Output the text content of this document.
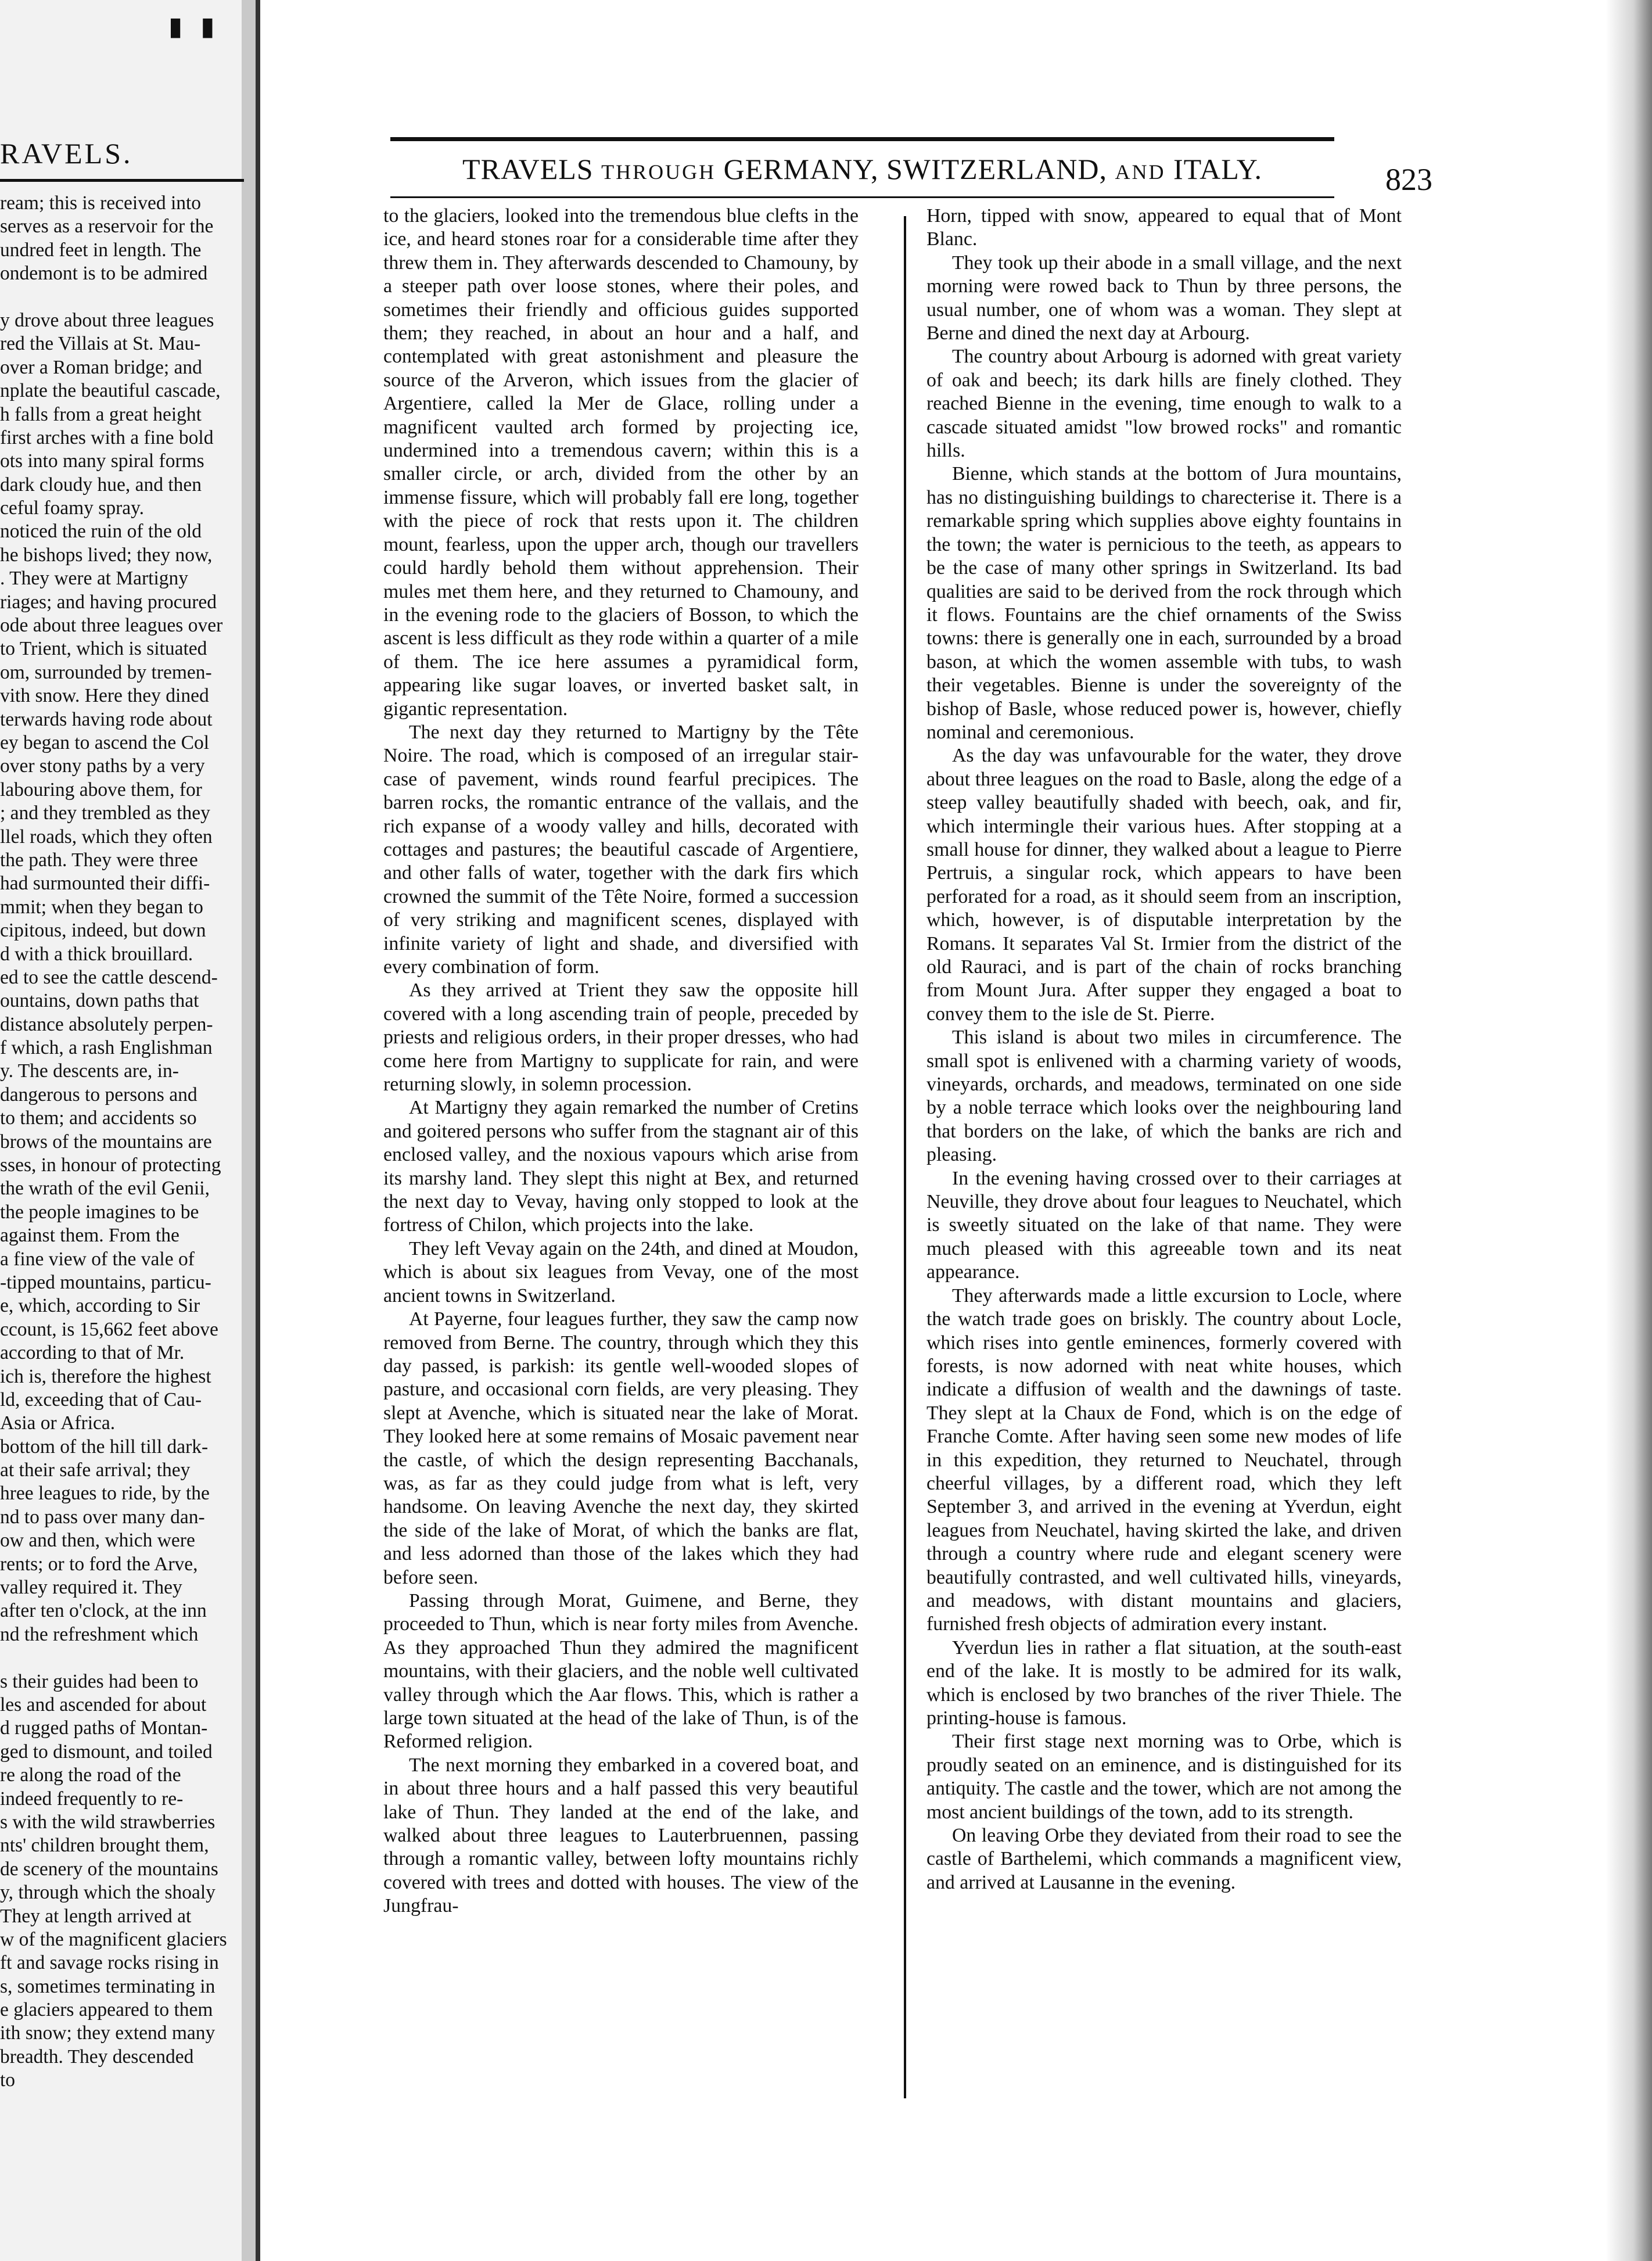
▮ ▮
RAVELS.
ream; this is received into
serves as a reservoir for the
undred feet in length. The
ondemont is to be admired

y drove about three leagues
red the Villais at St. Mau-
over a Roman bridge; and
nplate the beautiful cascade,
h falls from a great height
first arches with a fine bold
ots into many spiral forms
dark cloudy hue, and then
ceful foamy spray.
noticed the ruin of the old
he bishops lived; they now,
. They were at Martigny
riages; and having procured
ode about three leagues over
to Trient, which is situated
om, surrounded by tremen-
vith snow. Here they dined
terwards having rode about
ey began to ascend the Col
over stony paths by a very
labouring above them, for
; and they trembled as they
llel roads, which they often
the path. They were three
had surmounted their diffi-
mmit; when they began to
cipitous, indeed, but down
d with a thick brouillard.
ed to see the cattle descend-
ountains, down paths that
distance absolutely perpen-
f which, a rash Englishman
y. The descents are, in-
dangerous to persons and
to them; and accidents so
brows of the mountains are
sses, in honour of protecting
the wrath of the evil Genii,
the people imagines to be
against them. From the
a fine view of the vale of
-tipped mountains, particu-
e, which, according to Sir
ccount, is 15,662 feet above
according to that of Mr.
ich is, therefore the highest
ld, exceeding that of Cau-
Asia or Africa.
bottom of the hill till dark-
at their safe arrival; they
hree leagues to ride, by the
nd to pass over many dan-
ow and then, which were
rents; or to ford the Arve,
valley required it. They
after ten o'clock, at the inn
nd the refreshment which

s their guides had been to
les and ascended for about
d rugged paths of Montan-
ged to dismount, and toiled
re along the road of the
indeed frequently to re-
s with the wild strawberries
nts' children brought them,
de scenery of the mountains
y, through which the shoaly
They at length arrived at
w of the magnificent glaciers
ft and savage rocks rising in
s, sometimes terminating in
e glaciers appeared to them
ith snow; they extend many
breadth. They descended
to
TRAVELS THROUGH GERMANY, SWITZERLAND, AND ITALY.	823

to the glaciers, looked into the tremendous blue clefts in the ice, and heard stones roar for a considerable time after they threw them in. They afterwards descended to Chamouny, by a steeper path over loose stones, where their poles, and sometimes their friendly and officious guides supported them; they reached, in about an hour and a half, and contemplated with great astonishment and pleasure the source of the Arveron, which issues from the glacier of Argentiere, called la Mer de Glace, rolling under a magnificent vaulted arch formed by projecting ice, undermined into a tremendous cavern; within this is a smaller circle, or arch, divided from the other by an immense fissure, which will probably fall ere long, together with the piece of rock that rests upon it. The children mount, fearless, upon the upper arch, though our travellers could hardly behold them without apprehension. Their mules met them here, and they returned to Chamouny, and in the evening rode to the glaciers of Bosson, to which the ascent is less difficult as they rode within a quarter of a mile of them. The ice here assumes a pyramidical form, appearing like sugar loaves, or inverted basket salt, in gigantic representation.

The next day they returned to Martigny by the Tête Noire. The road, which is composed of an irregular stair-case of pavement, winds round fearful precipices. The barren rocks, the romantic entrance of the vallais, and the rich expanse of a woody valley and hills, decorated with cottages and pastures; the beautiful cascade of Argentiere, and other falls of water, together with the dark firs which crowned the summit of the Tête Noire, formed a succession of very striking and magnificent scenes, displayed with infinite variety of light and shade, and diversified with every combination of form.

As they arrived at Trient they saw the opposite hill covered with a long ascending train of people, preceded by priests and religious orders, in their proper dresses, who had come here from Martigny to supplicate for rain, and were returning slowly, in solemn procession.

At Martigny they again remarked the number of Cretins and goitered persons who suffer from the stagnant air of this enclosed valley, and the noxious vapours which arise from its marshy land. They slept this night at Bex, and returned the next day to Vevay, having only stopped to look at the fortress of Chilon, which projects into the lake.

They left Vevay again on the 24th, and dined at Moudon, which is about six leagues from Vevay, one of the most ancient towns in Switzerland.

At Payerne, four leagues further, they saw the camp now removed from Berne. The country, through which they this day passed, is parkish: its gentle well-wooded slopes of pasture, and occasional corn fields, are very pleasing. They slept at Avenche, which is situated near the lake of Morat. They looked here at some remains of Mosaic pavement near the castle, of which the design representing Bacchanals, was, as far as they could judge from what is left, very handsome. On leaving Avenche the next day, they skirted the side of the lake of Morat, of which the banks are flat, and less adorned than those of the lakes which they had before seen.

Passing through Morat, Guimene, and Berne, they proceeded to Thun, which is near forty miles from Avenche. As they approached Thun they admired the magnificent mountains, with their glaciers, and the noble well cultivated valley through which the Aar flows. This, which is rather a large town situated at the head of the lake of Thun, is of the Reformed religion.

The next morning they embarked in a covered boat, and in about three hours and a half passed this very beautiful lake of Thun. They landed at the end of the lake, and walked about three leagues to Lauterbruennen, passing through a romantic valley, between lofty mountains richly covered with trees and dotted with houses. The view of the Jungfrau-

Horn, tipped with snow, appeared to equal that of Mont Blanc.

They took up their abode in a small village, and the next morning were rowed back to Thun by three persons, the usual number, one of whom was a woman. They slept at Berne and dined the next day at Arbourg.

The country about Arbourg is adorned with great variety of oak and beech; its dark hills are finely clothed. They reached Bienne in the evening, time enough to walk to a cascade situated amidst "low browed rocks" and romantic hills.

Bienne, which stands at the bottom of Jura mountains, has no distinguishing buildings to charecterise it. There is a remarkable spring which supplies above eighty fountains in the town; the water is pernicious to the teeth, as appears to be the case of many other springs in Switzerland. Its bad qualities are said to be derived from the rock through which it flows. Fountains are the chief ornaments of the Swiss towns: there is generally one in each, surrounded by a broad bason, at which the women assemble with tubs, to wash their vegetables. Bienne is under the sovereignty of the bishop of Basle, whose reduced power is, however, chiefly nominal and ceremonious.

As the day was unfavourable for the water, they drove about three leagues on the road to Basle, along the edge of a steep valley beautifully shaded with beech, oak, and fir, which intermingle their various hues. After stopping at a small house for dinner, they walked about a league to Pierre Pertruis, a singular rock, which appears to have been perforated for a road, as it should seem from an inscription, which, however, is of disputable interpretation by the Romans. It separates Val St. Irmier from the district of the old Rauraci, and is part of the chain of rocks branching from Mount Jura. After supper they engaged a boat to convey them to the isle de St. Pierre.

This island is about two miles in circumference. The small spot is enlivened with a charming variety of woods, vineyards, orchards, and meadows, terminated on one side by a noble terrace which looks over the neighbouring land that borders on the lake, of which the banks are rich and pleasing.

In the evening having crossed over to their carriages at Neuville, they drove about four leagues to Neuchatel, which is sweetly situated on the lake of that name. They were much pleased with this agreeable town and its neat appearance.

They afterwards made a little excursion to Locle, where the watch trade goes on briskly. The country about Locle, which rises into gentle eminences, formerly covered with forests, is now adorned with neat white houses, which indicate a diffusion of wealth and the dawnings of taste. They slept at la Chaux de Fond, which is on the edge of Franche Comte. After having seen some new modes of life in this expedition, they returned to Neuchatel, through cheerful villages, by a different road, which they left September 3, and arrived in the evening at Yverdun, eight leagues from Neuchatel, having skirted the lake, and driven through a country where rude and elegant scenery were beautifully contrasted, and well cultivated hills, vineyards, and meadows, with distant mountains and glaciers, furnished fresh objects of admiration every instant.

Yverdun lies in rather a flat situation, at the south-east end of the lake. It is mostly to be admired for its walk, which is enclosed by two branches of the river Thiele. The printing-house is famous.

Their first stage next morning was to Orbe, which is proudly seated on an eminence, and is distinguished for its antiquity. The castle and the tower, which are not among the most ancient buildings of the town, add to its strength.

On leaving Orbe they deviated from their road to see the castle of Barthelemi, which commands a magnificent view, and arrived at Lausanne in the evening.
